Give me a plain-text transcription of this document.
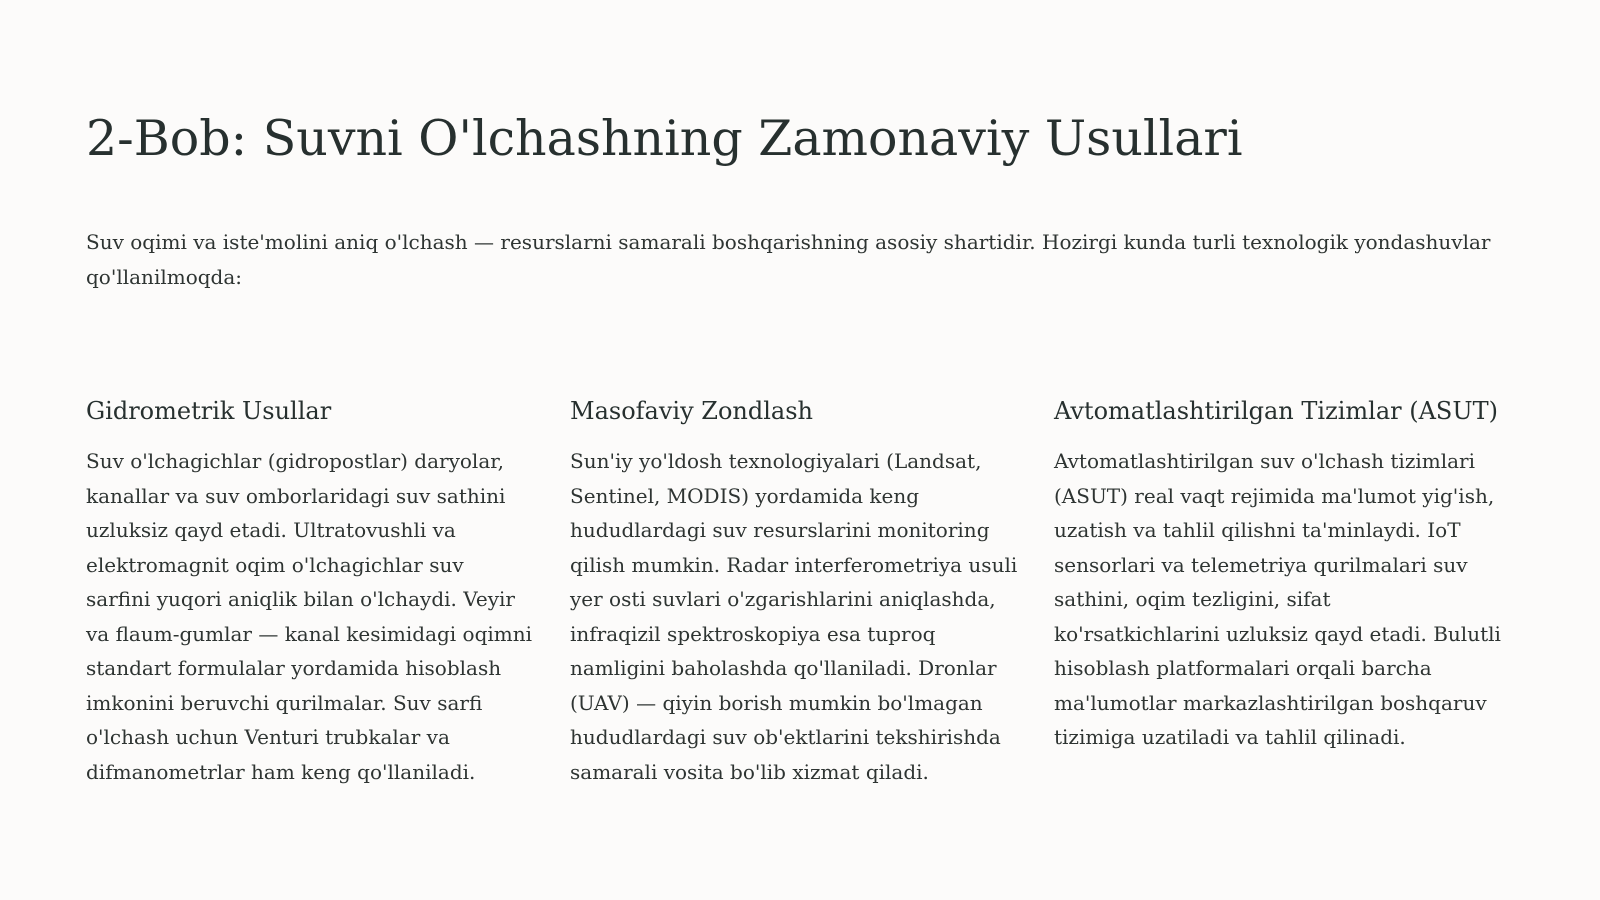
2-Bob: Suvni O'lchashning Zamonaviy Usullari

Suv oqimi va iste'molini aniq o'lchash — resurslarni samarali boshqarishning asosiy shartidir. Hozirgi kunda turli texnologik yondashuvlar qo'llanilmoqda:

Gidrometrik Usullar

Suv o'lchagichlar (gidropostlar) daryolar, kanallar va suv omborlaridagi suv sathini uzluksiz qayd etadi. Ultratovushli va elektromagnit oqim o'lchagichlar suv sarfini yuqori aniqlik bilan o'lchaydi. Veyir va flaum-gumlar — kanal kesimidagi oqimni standart formulalar yordamida hisoblash imkonini beruvchi qurilmalar. Suv sarfi o'lchash uchun Venturi trubkalar va difmanometrlar ham keng qo'llaniladi.

Masofaviy Zondlash

Sun'iy yo'ldosh texnologiyalari (Landsat, Sentinel, MODIS) yordamida keng hududlardagi suv resurslarini monitoring qilish mumkin. Radar interferometriya usuli yer osti suvlari o'zgarishlarini aniqlashda, infraqizil spektroskopiya esa tuproq namligini baholashda qo'llaniladi. Dronlar (UAV) — qiyin borish mumkin bo'lmagan hududlardagi suv ob'ektlarini tekshirishda samarali vosita bo'lib xizmat qiladi.

Avtomatlashtirilgan Tizimlar (ASUT)

Avtomatlashtirilgan suv o'lchash tizimlari (ASUT) real vaqt rejimida ma'lumot yig'ish, uzatish va tahlil qilishni ta'minlaydi. IoT sensorlari va telemetriya qurilmalari suv sathini, oqim tezligini, sifat ko'rsatkichlarini uzluksiz qayd etadi. Bulutli hisoblash platformalari orqali barcha ma'lumotlar markazlashtirilgan boshqaruv tizimiga uzatiladi va tahlil qilinadi.
